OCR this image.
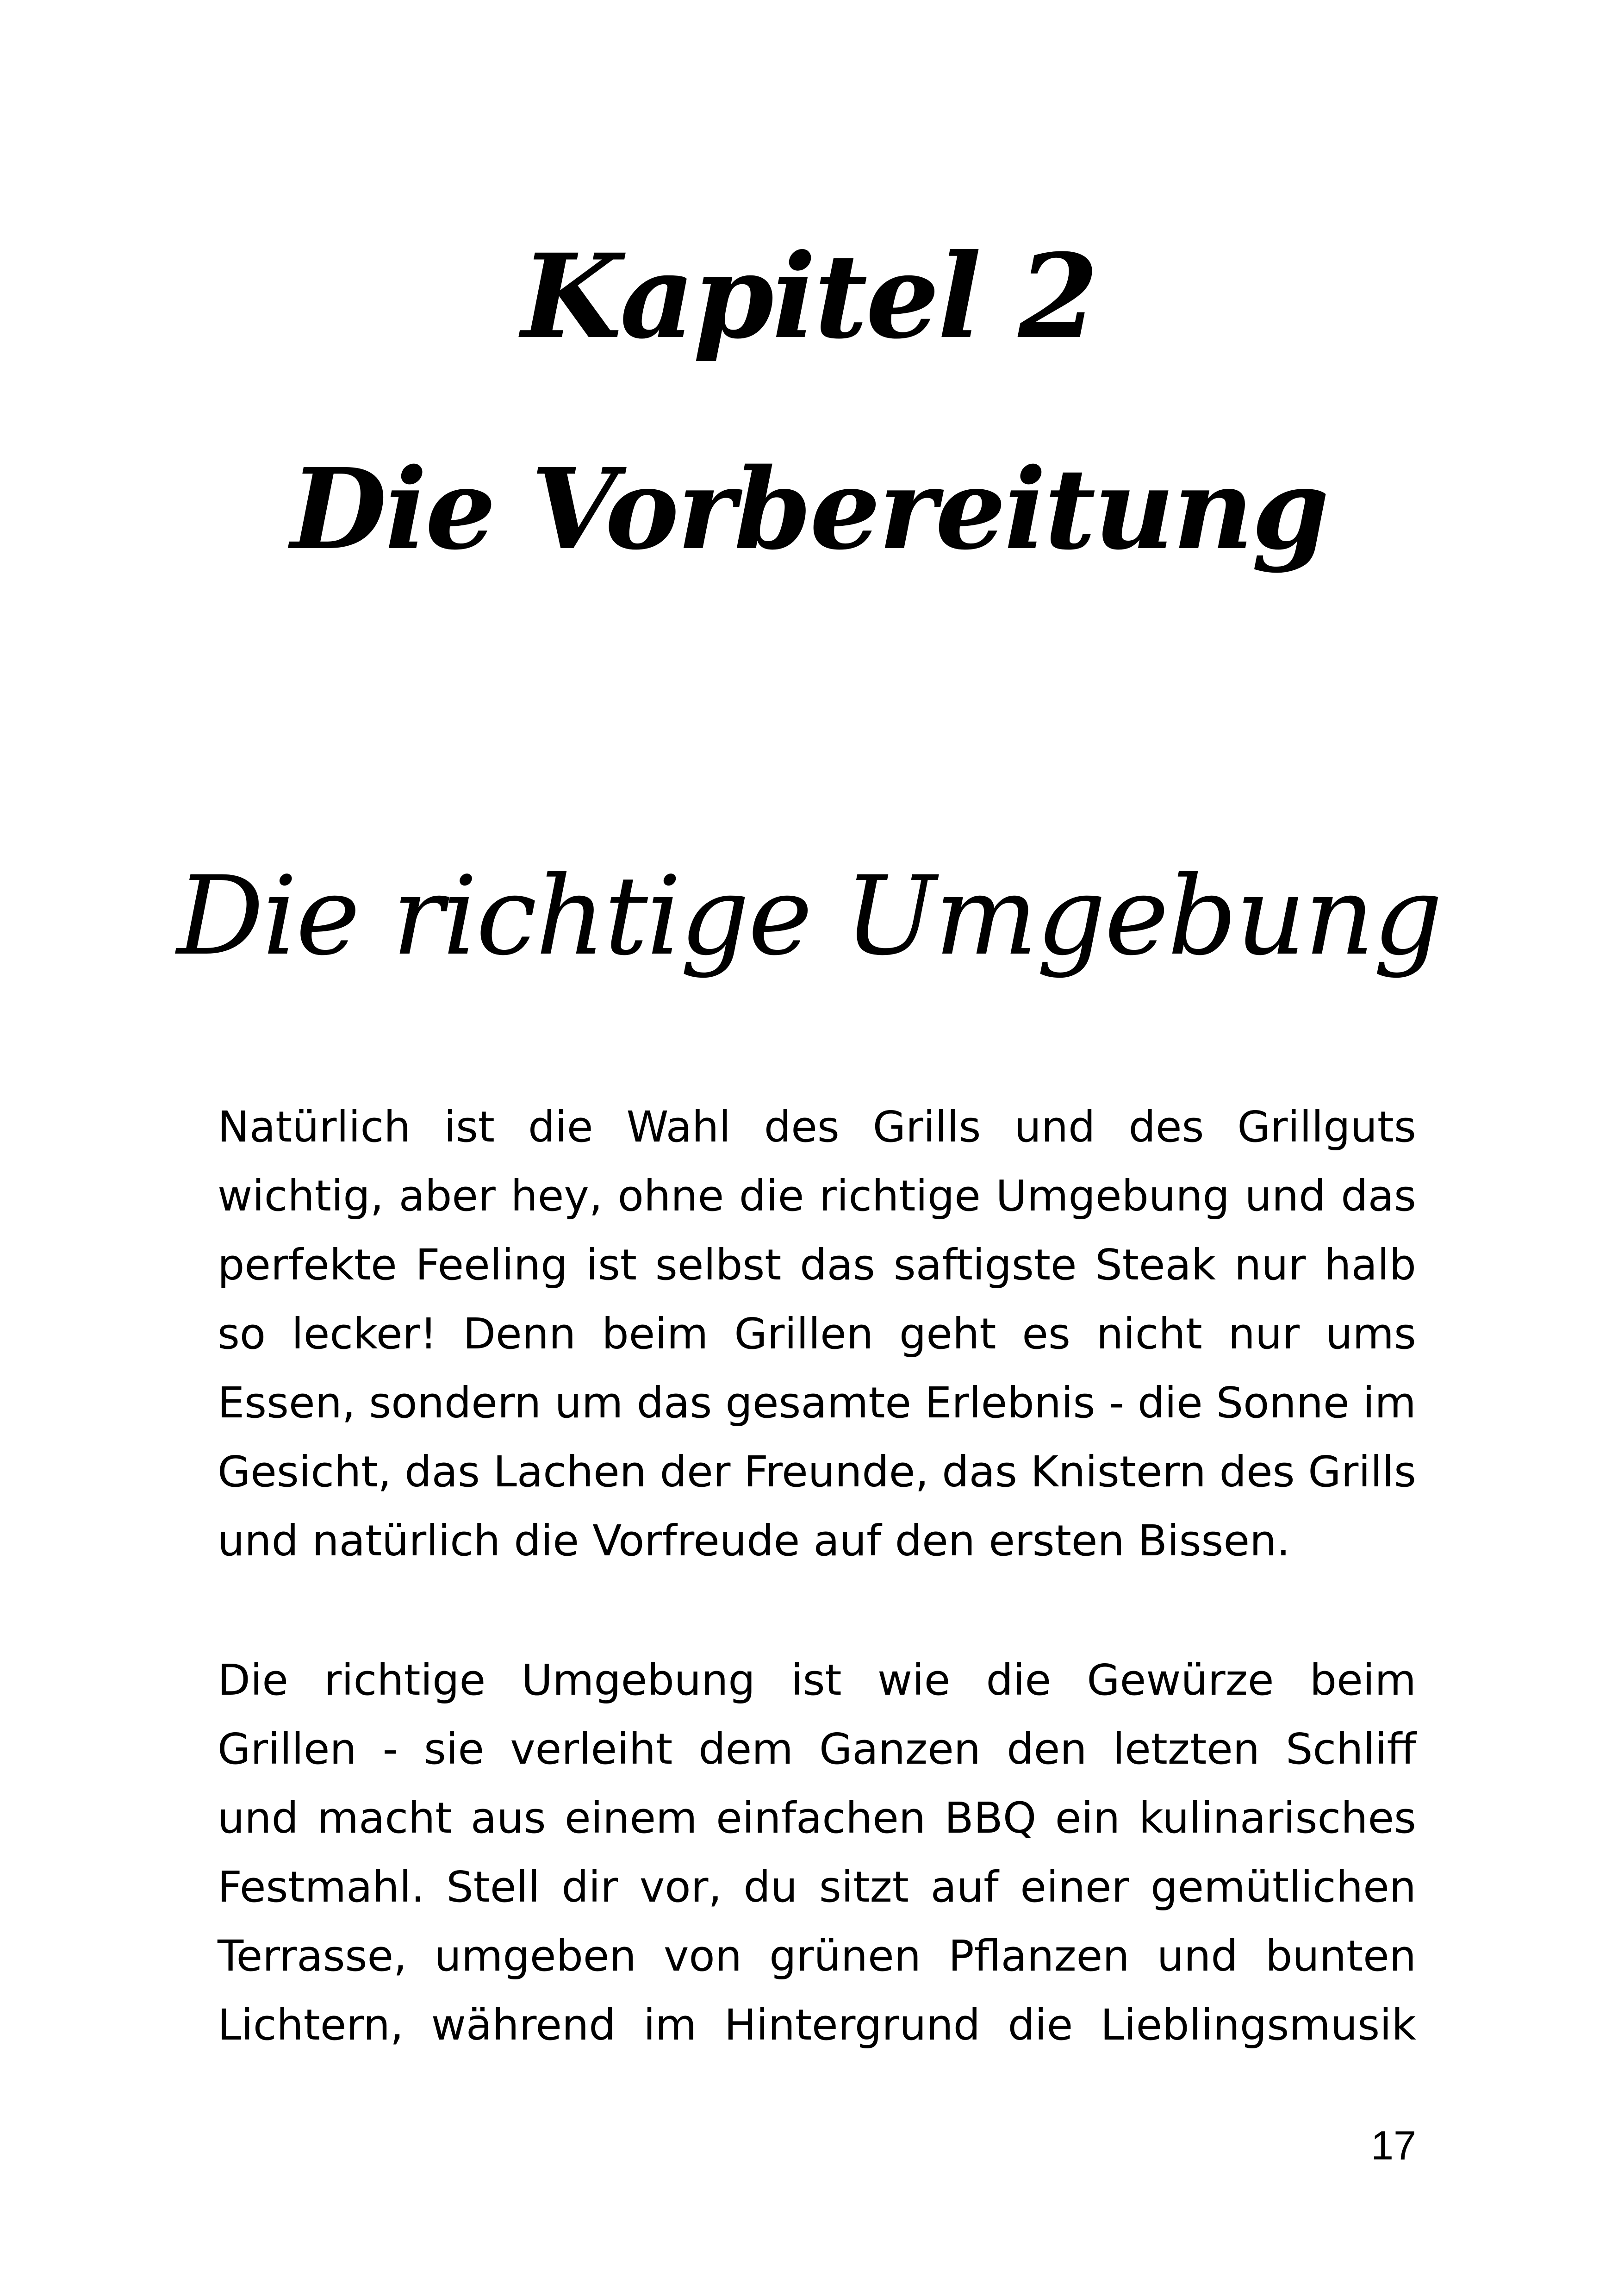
Kapitel 2
Die Vorbereitung
Die richtige Umgebung
Natürlich ist die Wahl des Grills und des Grillguts
wichtig, aber hey, ohne die richtige Umgebung und das
perfekte Feeling ist selbst das saftigste Steak nur halb
so lecker! Denn beim Grillen geht es nicht nur ums
Essen, sondern um das gesamte Erlebnis - die Sonne im
Gesicht, das Lachen der Freunde, das Knistern des Grills
und natürlich die Vorfreude auf den ersten Bissen.
Die richtige Umgebung ist wie die Gewürze beim
Grillen - sie verleiht dem Ganzen den letzten Schliff
und macht aus einem einfachen BBQ ein kulinarisches
Festmahl. Stell dir vor, du sitzt auf einer gemütlichen
Terrasse, umgeben von grünen Pflanzen und bunten
Lichtern, während im Hintergrund die Lieblingsmusik
17
